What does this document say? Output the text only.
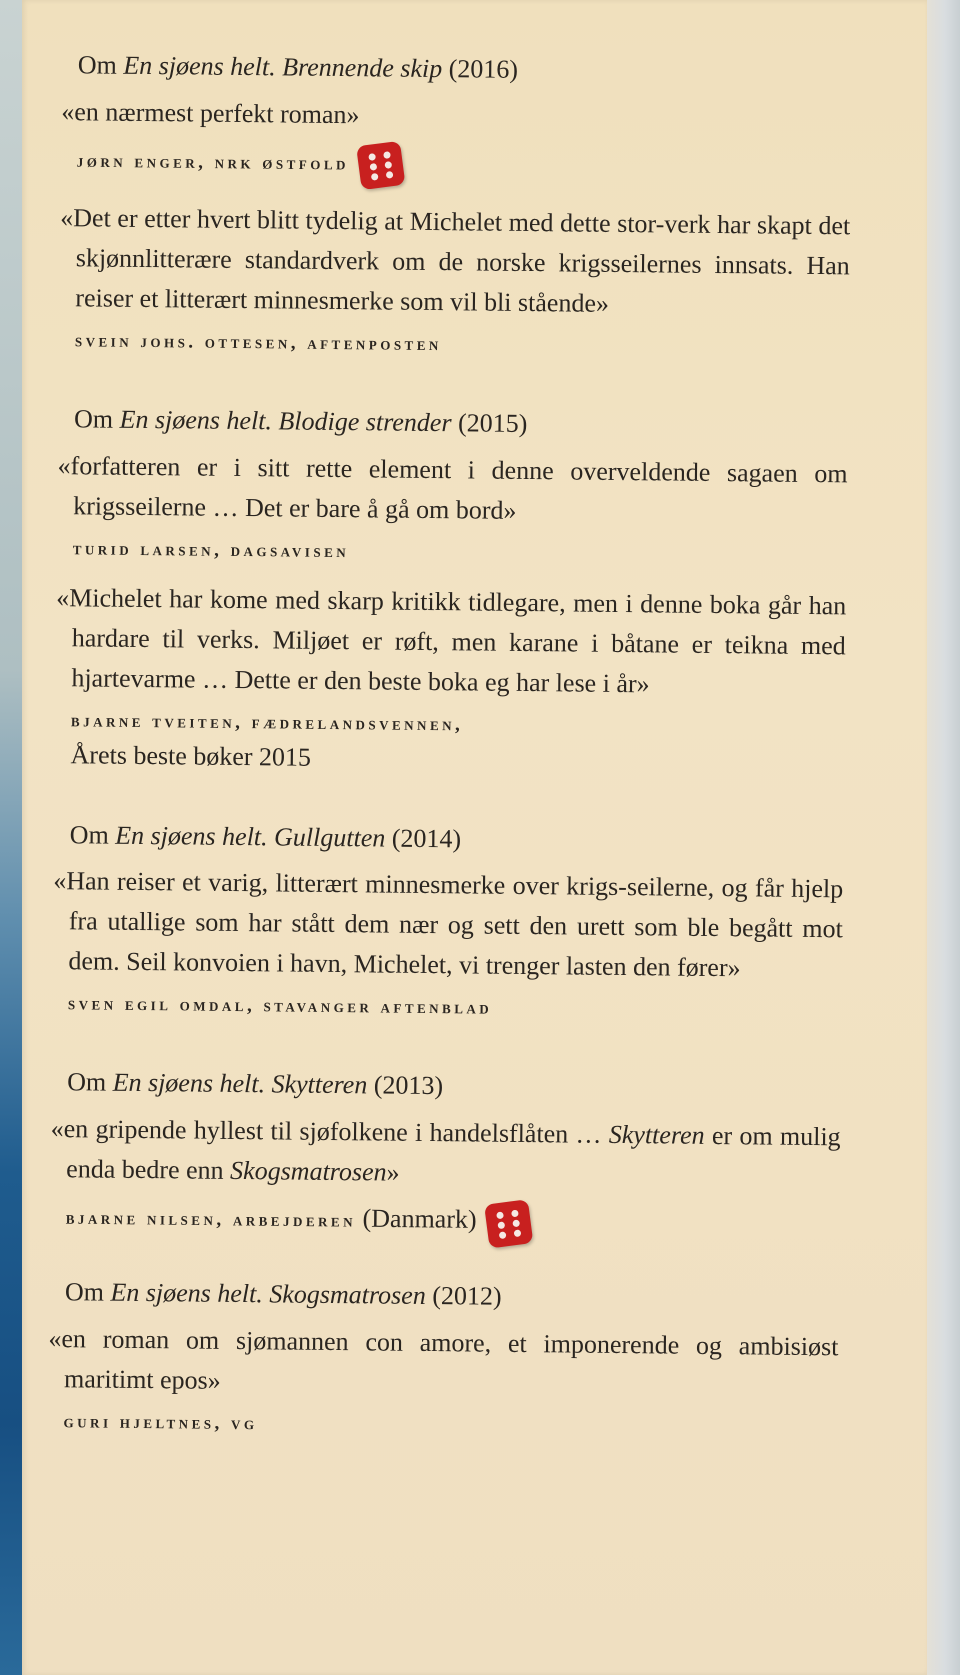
Om En sjøens helt. Brennende skip (2016)
«en nærmest perfekt roman»
jørn enger, nrk østfold
«Det er etter hvert blitt tydelig at Michelet med dette stor-verk har skapt det skjønnlitterære standardverk om de norske krigsseilernes innsats. Han reiser et litterært minnesmerke som vil bli stående»
svein johs. ottesen, aftenposten
Om En sjøens helt. Blodige strender (2015)
«forfatteren er i sitt rette element i denne overveldende sagaen om krigsseilerne … Det er bare å gå om bord»
turid larsen, dagsavisen
«Michelet har kome med skarp kritikk tidlegare, men i denne boka går han hardare til verks. Miljøet er røft, men karane i båtane er teikna med hjartevarme … Dette er den beste boka eg har lese i år»
bjarne tveiten, fædrelandsvennen,
Årets beste bøker 2015
Om En sjøens helt. Gullgutten (2014)
«Han reiser et varig, litterært minnesmerke over krigs-seilerne, og får hjelp fra utallige som har stått dem nær og sett den urett som ble begått mot dem. Seil konvoien i havn, Michelet, vi trenger lasten den fører»
sven egil omdal, stavanger aftenblad
Om En sjøens helt. Skytteren (2013)
«en gripende hyllest til sjøfolkene i handelsflåten … Skytteren er om mulig enda bedre enn Skogsmatrosen»
bjarne nilsen, arbejderen (Danmark)
Om En sjøens helt. Skogsmatrosen (2012)
«en roman om sjømannen con amore, et imponerende og ambisiøst maritimt epos»
guri hjeltnes, vg
